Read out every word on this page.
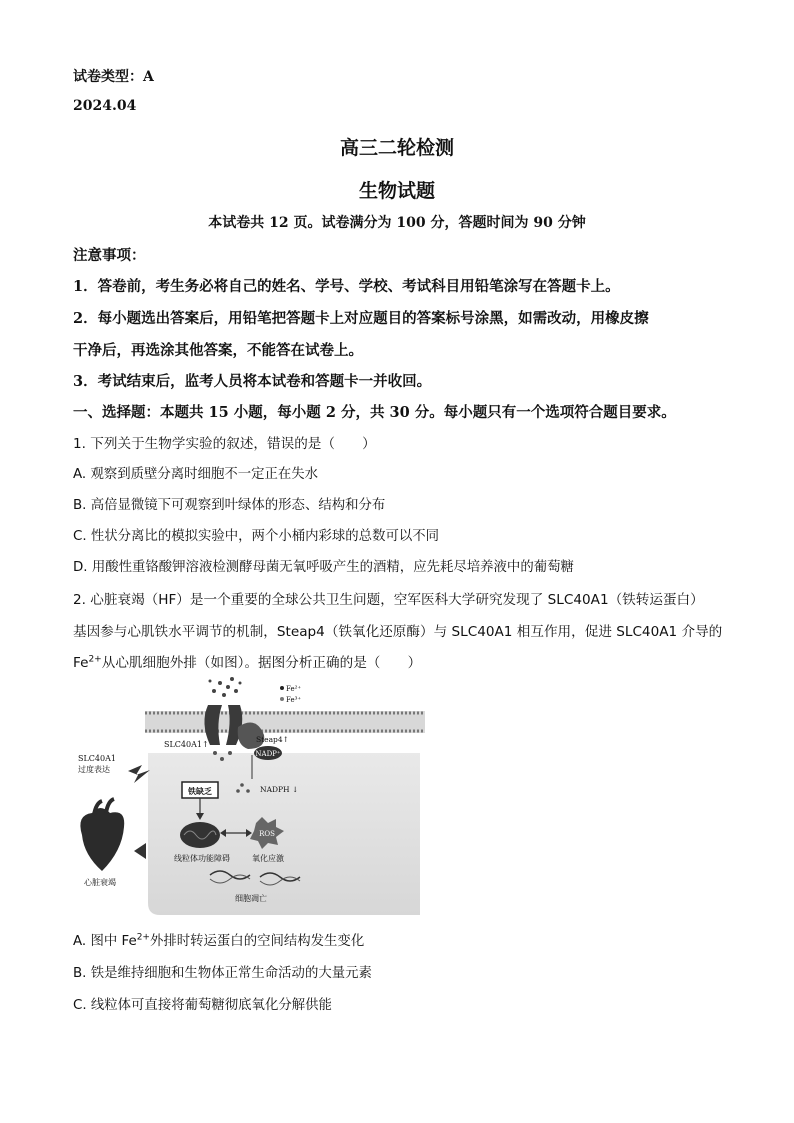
试卷类型：A
2024.04
高三二轮检测
生物试题
本试卷共 12 页。试卷满分为 100 分，答题时间为 90 分钟
注意事项：
1．答卷前，考生务必将自己的姓名、学号、学校、考试科目用铅笔涂写在答题卡上。
2．每小题选出答案后，用铅笔把答题卡上对应题目的答案标号涂黑，如需改动，用橡皮擦
干净后，再选涂其他答案，不能答在试卷上。
3．考试结束后，监考人员将本试卷和答题卡一并收回。
一、选择题：本题共 15 小题，每小题 2 分，共 30 分。每小题只有一个选项符合题目要求。
1. 下列关于生物学实验的叙述，错误的是（　　）
A. 观察到质壁分离时细胞不一定正在失水
B. 高倍显微镜下可观察到叶绿体的形态、结构和分布
C. 性状分离比的模拟实验中，两个小桶内彩球的总数可以不同
D. 用酸性重铬酸钾溶液检测酵母菌无氧呼吸产生的酒精，应先耗尽培养液中的葡萄糖
2. 心脏衰竭（HF）是一个重要的全球公共卫生问题，空军医科大学研究发现了 SLC40A1（铁转运蛋白）
基因参与心肌铁水平调节的机制，Steap4（铁氧化还原酶）与 SLC40A1 相互作用，促进 SLC40A1 介导的
$Fe^{2+}$从心肌细胞外排（如图）。据图分析正确的是（　　）
NADP⁺
Fe²⁺
Fe³⁺
SLC40A1↑
Steap4↑
NADPH ↓
SLC40A1
过度表达
铁缺乏
ROS
线粒体功能障碍	氧化应激
细胞凋亡
心脏衰竭
A. 图中 $Fe^{2+}$外排时转运蛋白的空间结构发生变化
B. 铁是维持细胞和生物体正常生命活动的大量元素
C. 线粒体可直接将葡萄糖彻底氧化分解供能
